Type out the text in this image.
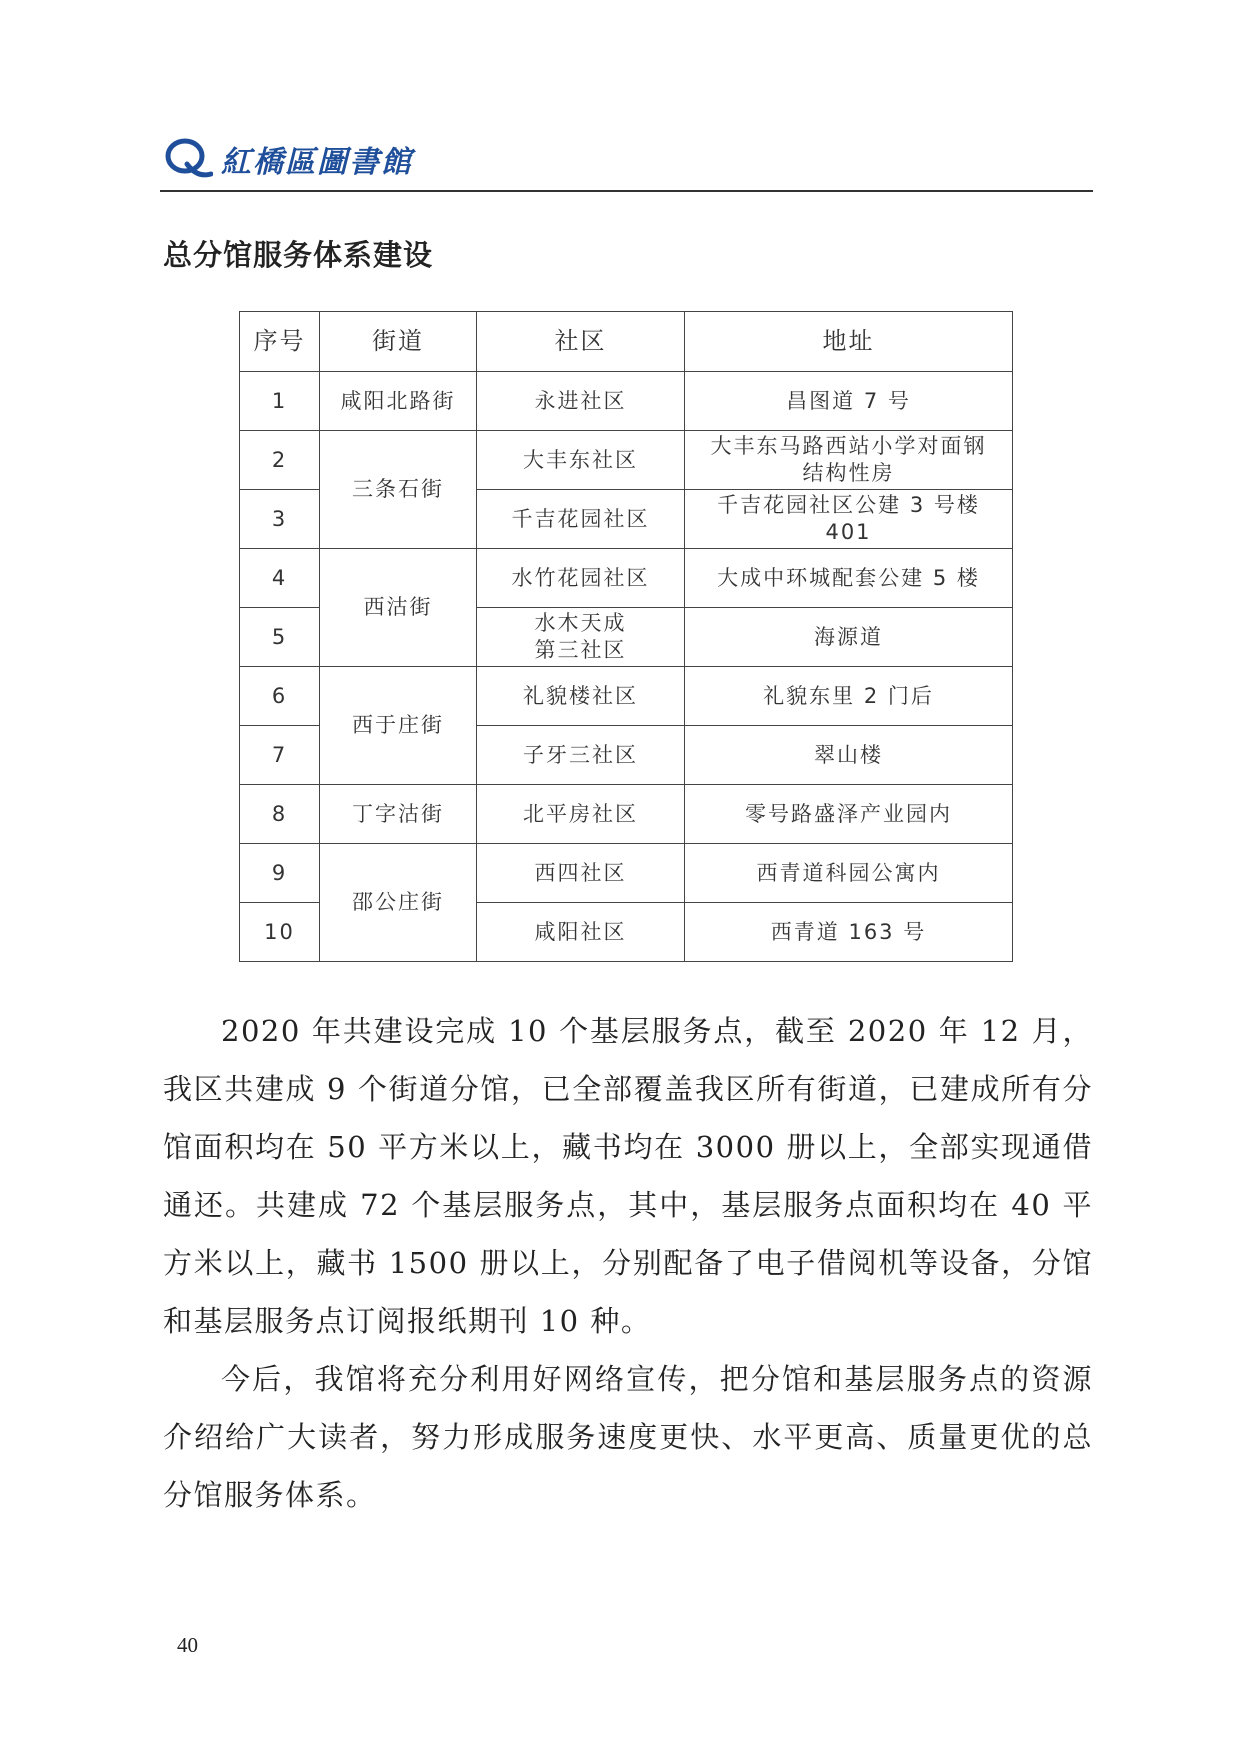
紅橋區圖書館
总分馆服务体系建设
序号	街道	社区	地址
1	咸阳北路街	永进社区	昌图道 7 号
2	三条石街	大丰东社区	大丰东马路西站小学对面钢结构性房
3		千吉花园社区	千吉花园社区公建 3 号楼 401
4	西沽街	水竹花园社区	大成中环城配套公建 5 楼
5		水木天成第三社区	海源道
6	西于庄街	礼貌楼社区	礼貌东里 2 门后
7		子牙三社区	翠山楼
8	丁字沽街	北平房社区	零号路盛泽产业园内
9	邵公庄街	西四社区	西青道科园公寓内
10		咸阳社区	西青道 163 号

2020 年共建设完成 10 个基层服务点，截至 2020 年 12 月，我区共建成 9 个街道分馆，已全部覆盖我区所有街道，已建成所有分馆面积均在 50 平方米以上，藏书均在 3000 册以上，全部实现通借通还。共建成 72 个基层服务点，其中，基层服务点面积均在 40 平方米以上，藏书 1500 册以上，分别配备了电子借阅机等设备，分馆和基层服务点订阅报纸期刊 10 种。

今后，我馆将充分利用好网络宣传，把分馆和基层服务点的资源介绍给广大读者，努力形成服务速度更快、水平更高、质量更优的总分馆服务体系。

40
